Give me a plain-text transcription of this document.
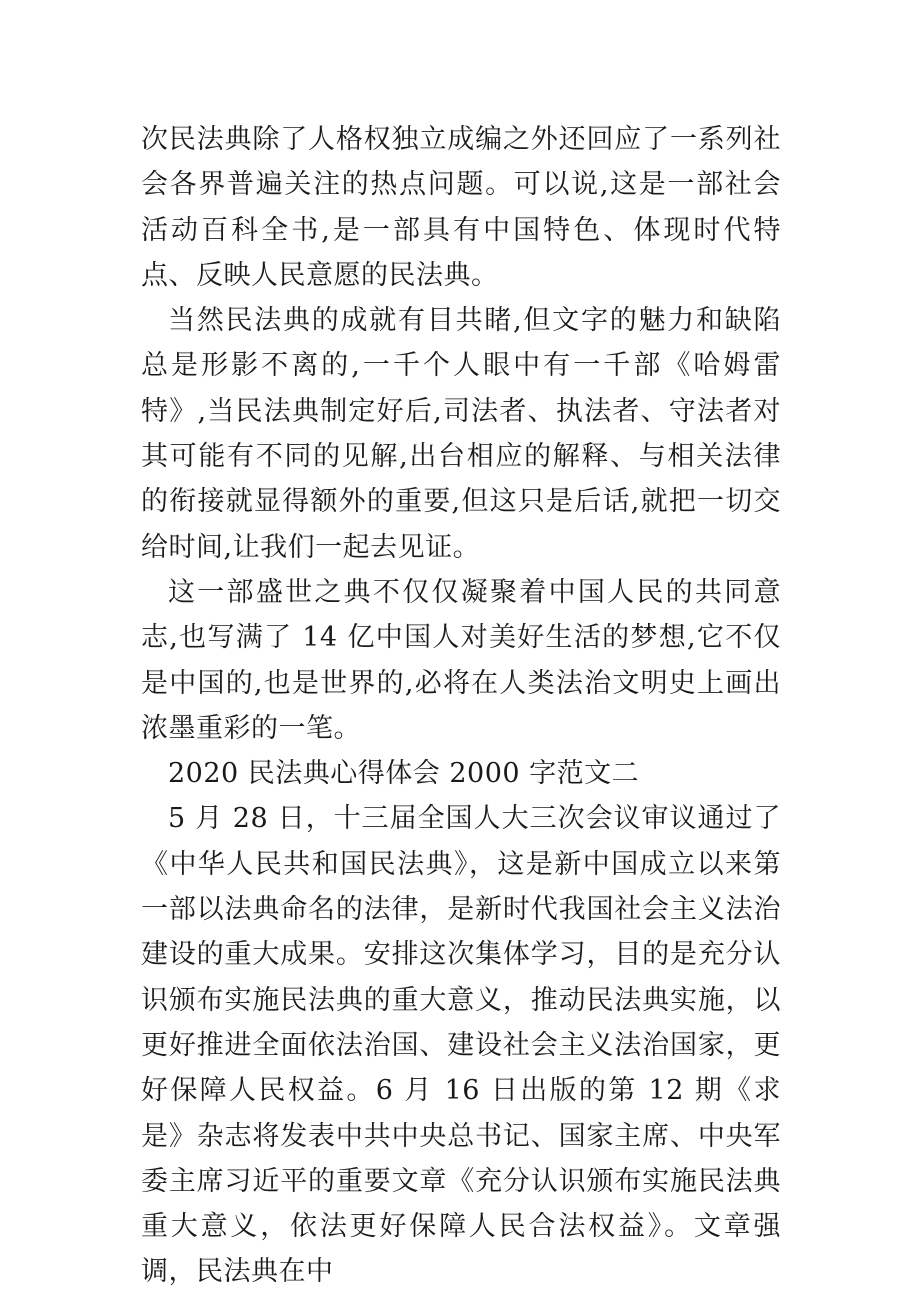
次民法典除了人格权独立成编之外还回应了一系列社会各界普遍关注的热点问题。可以说,这是一部社会活动百科全书,是一部具有中国特色、体现时代特点、反映人民意愿的民法典。

当然民法典的成就有目共睹,但文字的魅力和缺陷总是形影不离的,一千个人眼中有一千部《哈姆雷特》,当民法典制定好后,司法者、执法者、守法者对其可能有不同的见解,出台相应的解释、与相关法律的衔接就显得额外的重要,但这只是后话,就把一切交给时间,让我们一起去见证。

这一部盛世之典不仅仅凝聚着中国人民的共同意志,也写满了 14 亿中国人对美好生活的梦想,它不仅是中国的,也是世界的,必将在人类法治文明史上画出浓墨重彩的一笔。

2020 民法典心得体会 2000 字范文二

5 月 28 日，十三届全国人大三次会议审议通过了《中华人民共和国民法典》，这是新中国成立以来第一部以法典命名的法律，是新时代我国社会主义法治建设的重大成果。安排这次集体学习，目的是充分认识颁布实施民法典的重大意义，推动民法典实施，以更好推进全面依法治国、建设社会主义法治国家，更好保障人民权益。6 月 16 日出版的第 12 期《求是》杂志将发表中共中央总书记、国家主席、中央军委主席习近平的重要文章《充分认识颁布实施民法典重大意义，依法更好保障人民合法权益》。文章强调，民法典在中
